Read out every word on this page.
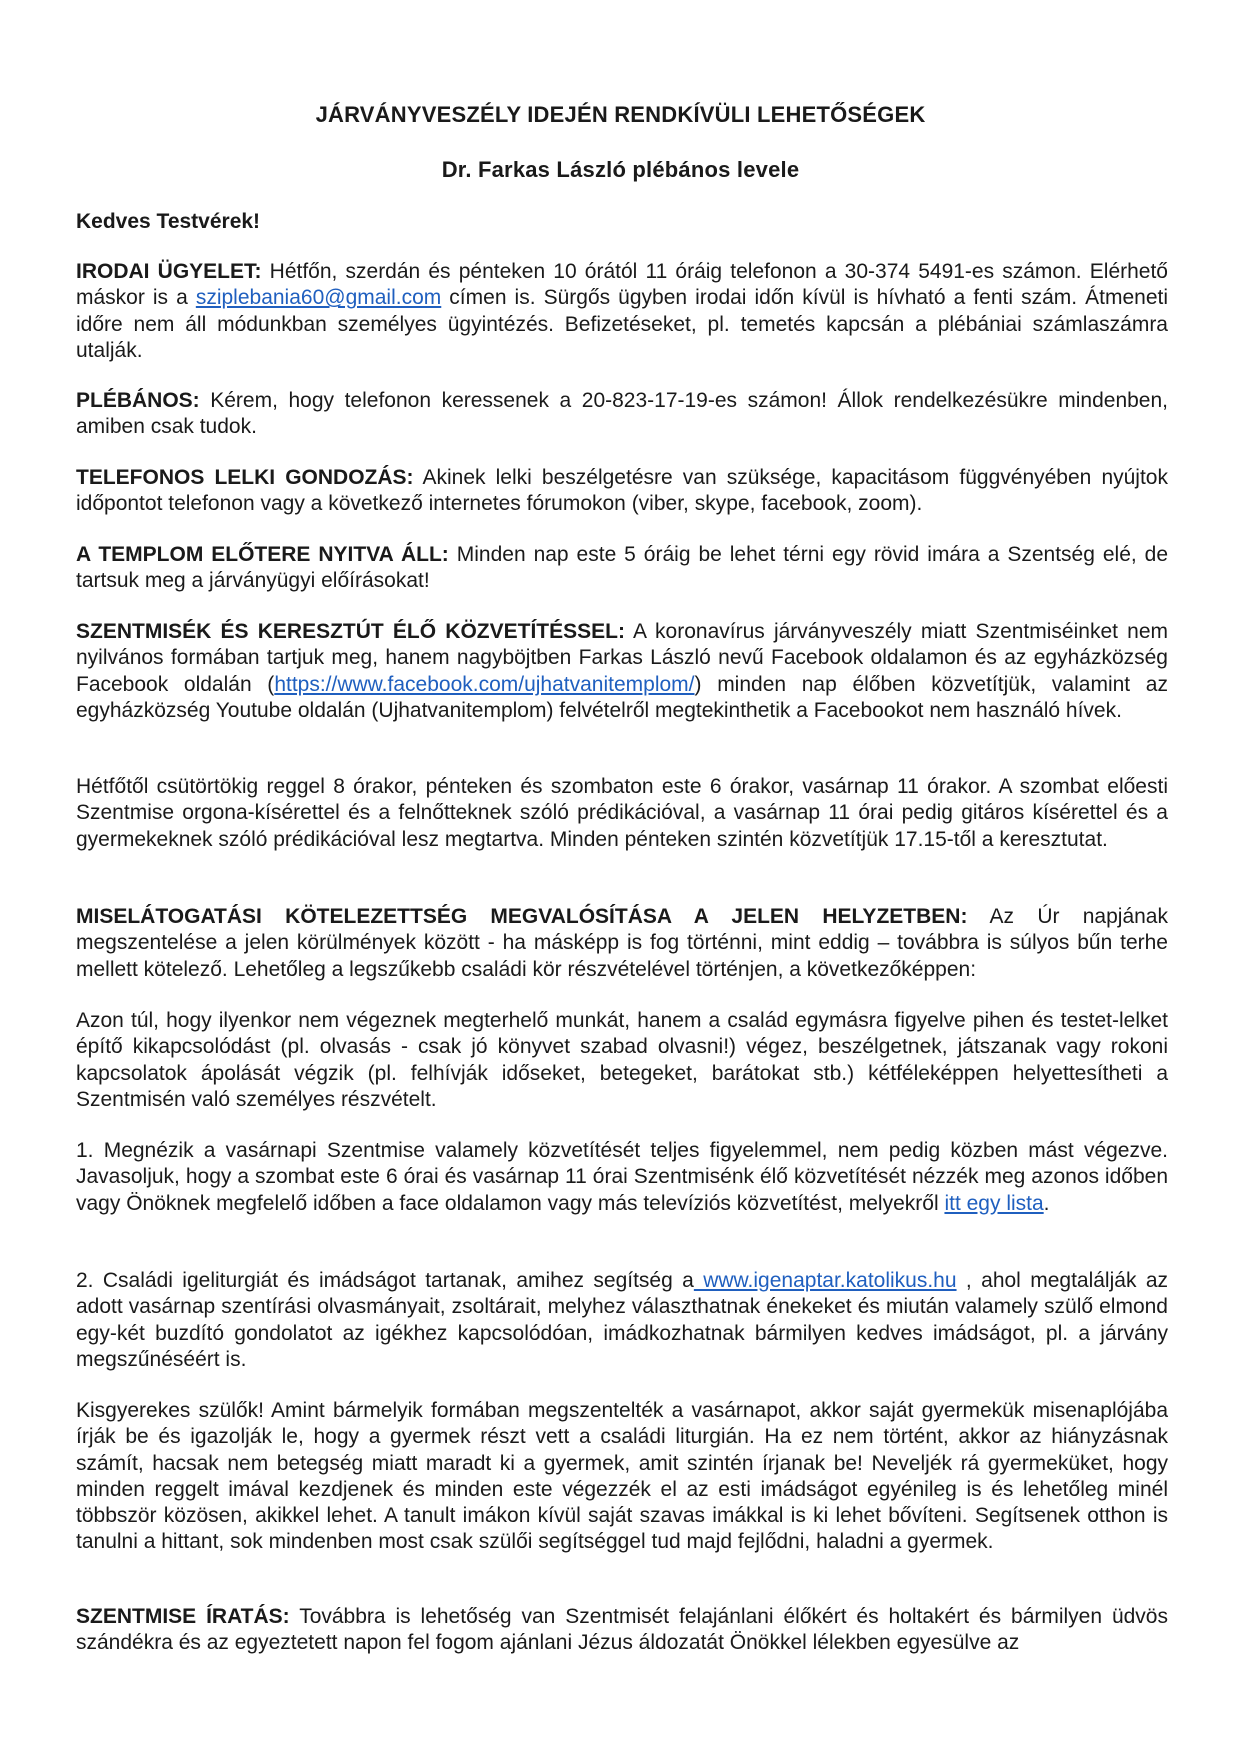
JÁRVÁNYVESZÉLY IDEJÉN RENDKÍVÜLI LEHETŐSÉGEK
Dr. Farkas László plébános levele
Kedves Testvérek!

IRODAI ÜGYELET: Hétfőn, szerdán és pénteken 10 órától 11 óráig telefonon a 30-374 5491-es számon. Elérhető máskor is a sziplebania60@gmail.com címen is. Sürgős ügyben irodai időn kívül is hívható a fenti szám. Átmeneti időre nem áll módunkban személyes ügyintézés. Befizetéseket, pl. temetés kapcsán a plébániai számlaszámra utalják.

PLÉBÁNOS: Kérem, hogy telefonon keressenek a 20-823-17-19-es számon! Állok rendelkezésükre mindenben, amiben csak tudok.

TELEFONOS LELKI GONDOZÁS: Akinek lelki beszélgetésre van szüksége, kapacitásom függvényében nyújtok időpontot telefonon vagy a következő internetes fórumokon (viber, skype, facebook, zoom).

A TEMPLOM ELŐTERE NYITVA ÁLL: Minden nap este 5 óráig be lehet térni egy rövid imára a Szentség elé, de tartsuk meg a járványügyi előírásokat!

SZENTMISÉK ÉS KERESZTÚT ÉLŐ KÖZVETÍTÉSSEL: A koronavírus járványveszély miatt Szentmiséinket nem nyilvános formában tartjuk meg, hanem nagyböjtben Farkas László nevű Facebook oldalamon és az egyházközség Facebook oldalán (https://www.facebook.com/ujhatvanitemplom/) minden nap élőben közvetítjük, valamint az egyházközség Youtube oldalán (Ujhatvanitemplom) felvételről megtekinthetik a Facebookot nem használó hívek.

Hétfőtől csütörtökig reggel 8 órakor, pénteken és szombaton este 6 órakor, vasárnap 11 órakor. A szombat előesti Szentmise orgona-kísérettel és a felnőtteknek szóló prédikációval, a vasárnap 11 órai pedig gitáros kísérettel és a gyermekeknek szóló prédikációval lesz megtartva. Minden pénteken szintén közvetítjük 17.15-től a keresztutat.

MISELÁTOGATÁSI KÖTELEZETTSÉG MEGVALÓSÍTÁSA A JELEN HELYZETBEN: Az Úr napjának megszentelése a jelen körülmények között - ha másképp is fog történni, mint eddig – továbbra is súlyos bűn terhe mellett kötelező. Lehetőleg a legszűkebb családi kör részvételével történjen, a következőképpen:

Azon túl, hogy ilyenkor nem végeznek megterhelő munkát, hanem a család egymásra figyelve pihen és testet-lelket építő kikapcsolódást (pl. olvasás - csak jó könyvet szabad olvasni!) végez, beszélgetnek, játszanak vagy rokoni kapcsolatok ápolását végzik (pl. felhívják időseket, betegeket, barátokat stb.) kétféleképpen helyettesítheti a Szentmisén való személyes részvételt.

1. Megnézik a vasárnapi Szentmise valamely közvetítését teljes figyelemmel, nem pedig közben mást végezve. Javasoljuk, hogy a szombat este 6 órai és vasárnap 11 órai Szentmisénk élő közvetítését nézzék meg azonos időben vagy Önöknek megfelelő időben a face oldalamon vagy más televíziós közvetítést, melyekről itt egy lista.

2. Családi igeliturgiát és imádságot tartanak, amihez segítség a www.igenaptar.katolikus.hu , ahol megtalálják az adott vasárnap szentírási olvasmányait, zsoltárait, melyhez választhatnak énekeket és miután valamely szülő elmond egy-két buzdító gondolatot az igékhez kapcsolódóan, imádkozhatnak bármilyen kedves imádságot, pl. a járvány megszűnéséért is.

Kisgyerekes szülők! Amint bármelyik formában megszentelték a vasárnapot, akkor saját gyermekük misenaplójába írják be és igazolják le, hogy a gyermek részt vett a családi liturgián. Ha ez nem történt, akkor az hiányzásnak számít, hacsak nem betegség miatt maradt ki a gyermek, amit szintén írjanak be! Neveljék rá gyermeküket, hogy minden reggelt imával kezdjenek és minden este végezzék el az esti imádságot egyénileg is és lehetőleg minél többször közösen, akikkel lehet. A tanult imákon kívül saját szavas imákkal is ki lehet bővíteni. Segítsenek otthon is tanulni a hittant, sok mindenben most csak szülői segítséggel tud majd fejlődni, haladni a gyermek.

SZENTMISE ÍRATÁS: Továbbra is lehetőség van Szentmisét felajánlani élőkért és holtakért és bármilyen üdvös szándékra és az egyeztetett napon fel fogom ajánlani Jézus áldozatát Önökkel lélekben egyesülve az
